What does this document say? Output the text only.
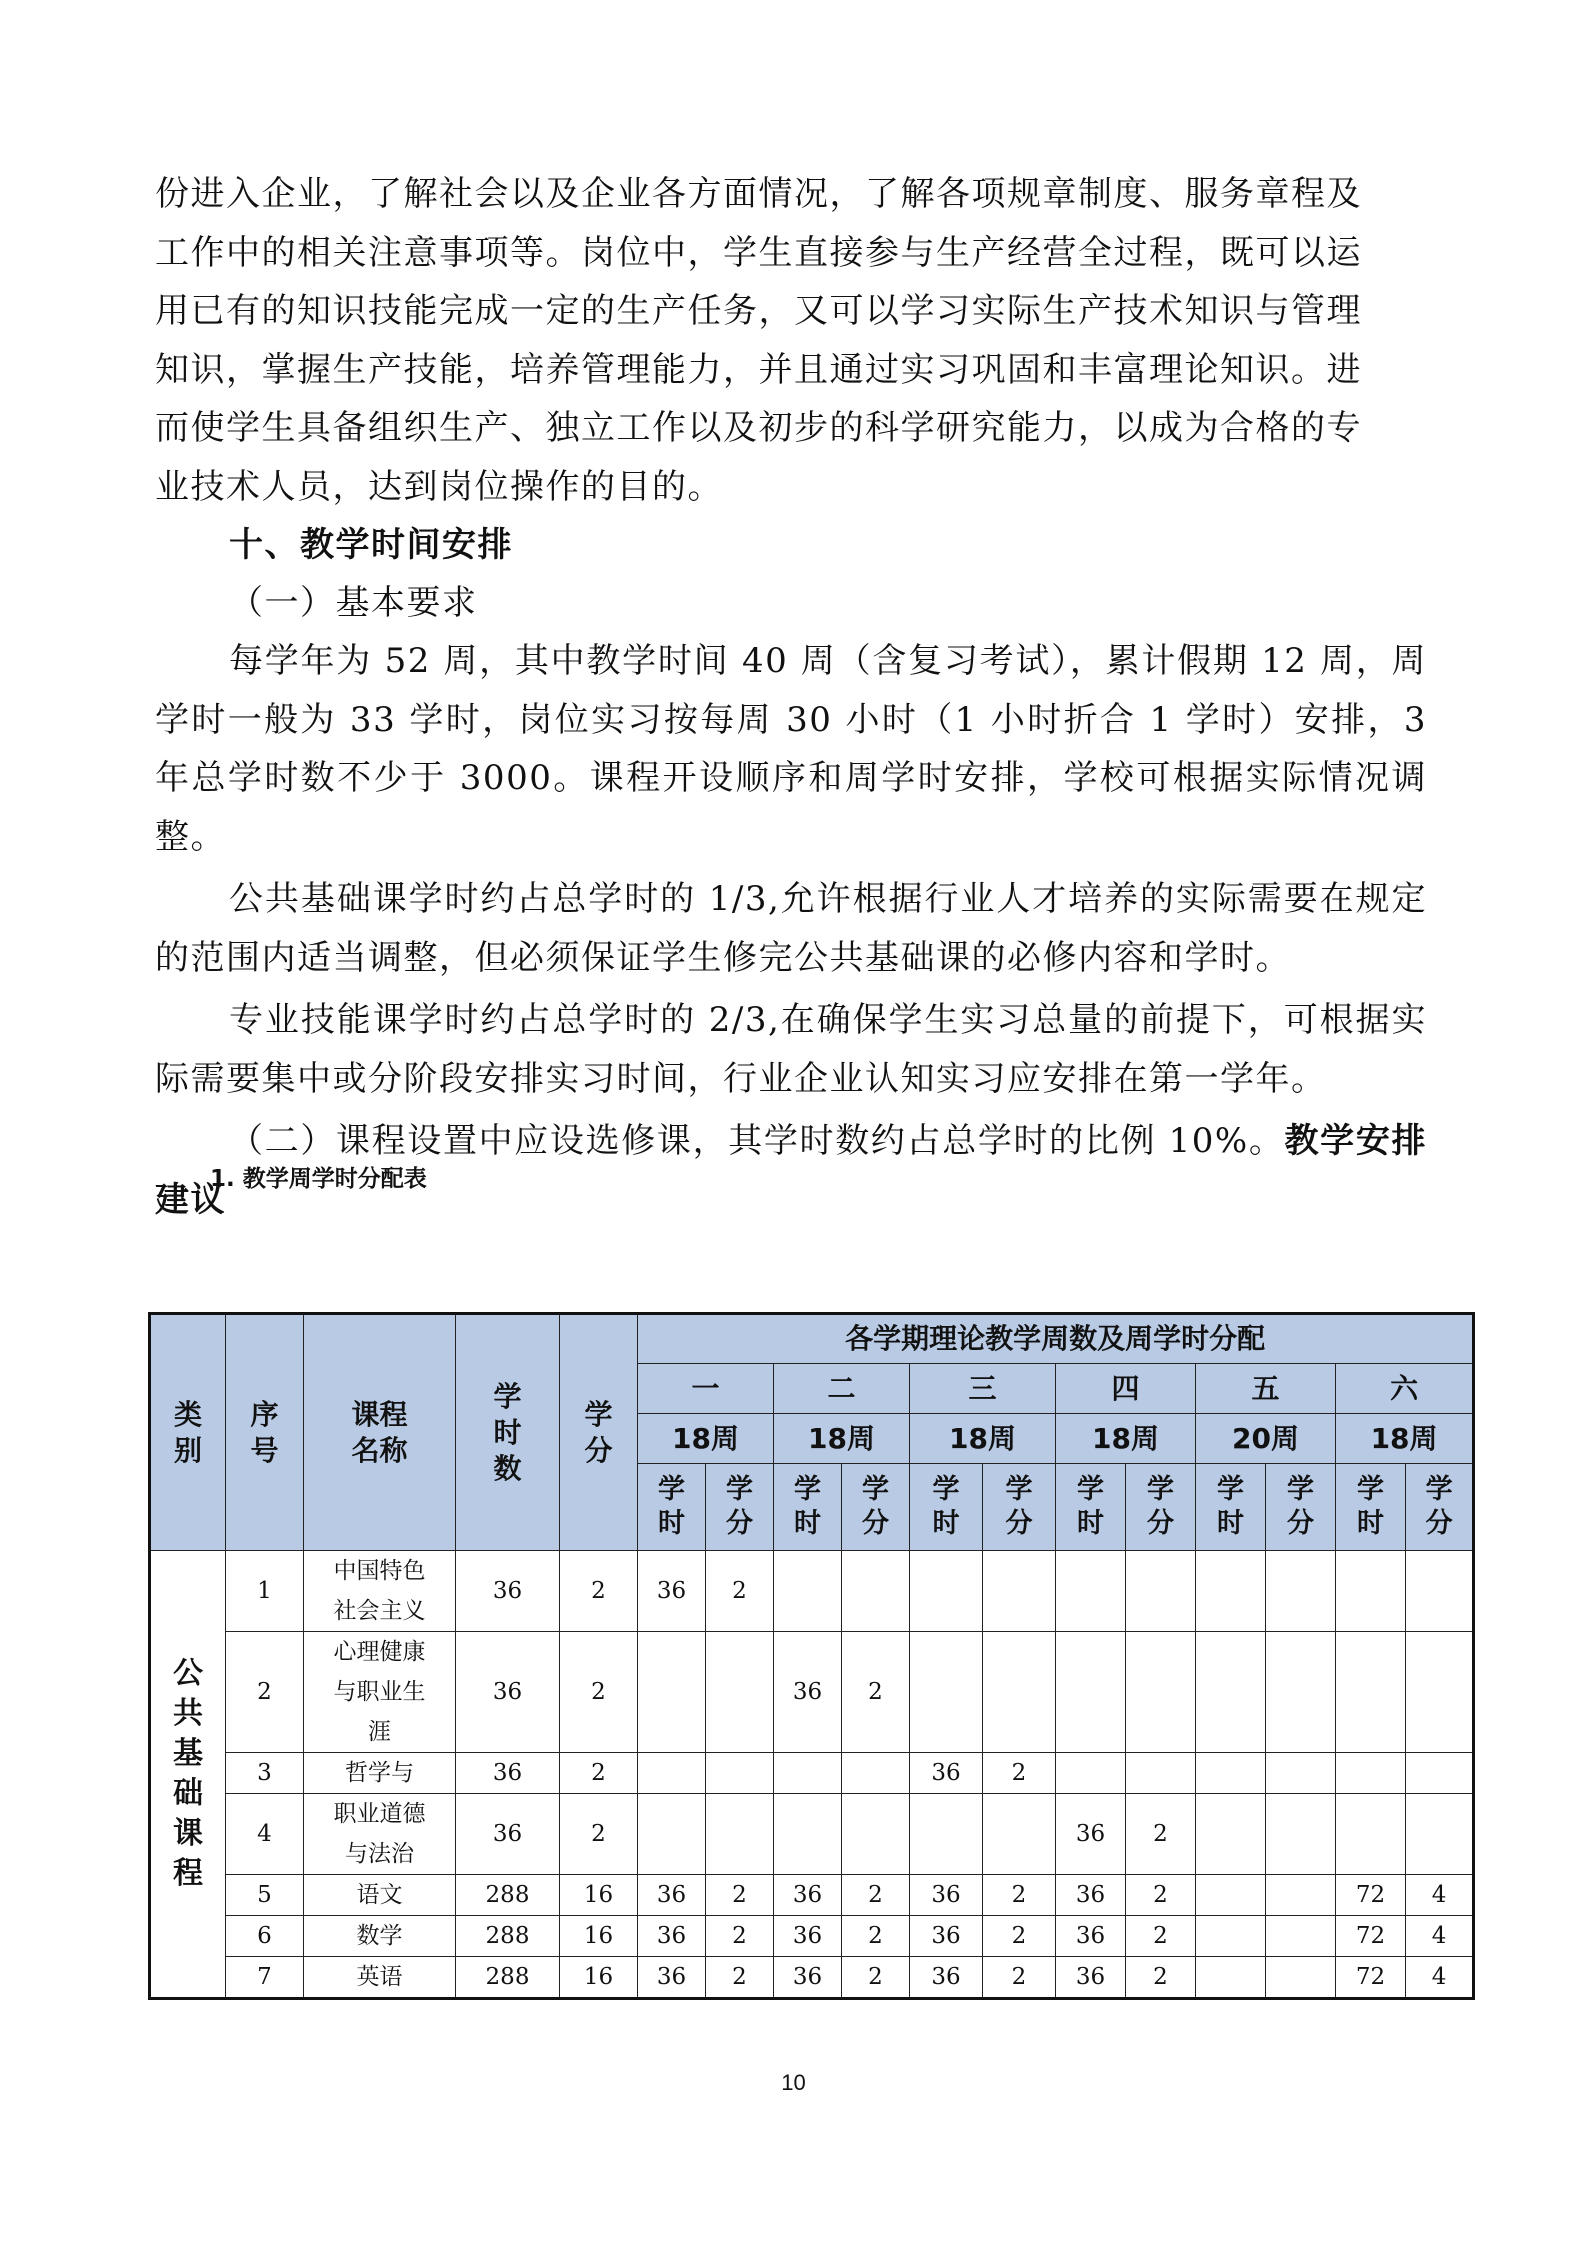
份进入企业，了解社会以及企业各方面情况，了解各项规章制度、服务章程及

工作中的相关注意事项等。岗位中，学生直接参与生产经营全过程，既可以运

用已有的知识技能完成一定的生产任务，又可以学习实际生产技术知识与管理

知识，掌握生产技能，培养管理能力，并且通过实习巩固和丰富理论知识。进

而使学生具备组织生产、独立工作以及初步的科学研究能力，以成为合格的专

业技术人员，达到岗位操作的目的。

十、教学时间安排

（一）基本要求

每学年为 52 周，其中教学时间 40 周（含复习考试），累计假期 12 周，周学时一般为 33 学时，岗位实习按每周 30 小时（1 小时折合 1 学时）安排，3 年总学时数不少于 3000。课程开设顺序和周学时安排，学校可根据实际情况调整。

公共基础课学时约占总学时的 1/3,允许根据行业人才培养的实际需要在规定的范围内适当调整，但必须保证学生修完公共基础课的必修内容和学时。

专业技能课学时约占总学时的 2/3,在确保学生实习总量的前提下，可根据实际需要集中或分阶段安排实习时间，行业企业认知实习应安排在第一学年。

（二）课程设置中应设选修课，其学时数约占总学时的比例 10%。教学安排建议

1. 教学周学时分配表

类别	序号	课程名称	学时数	学分	各学期理论教学周数及周学时分配											
					一		二		三		四		五		六	
					18周		18周		18周		18周		20周		18周	
					学时	学分	学时	学分	学时	学分	学时	学分	学时	学分	学时	学分
公共基础课程	1	中国特色社会主义	36	2	36	2										
	2	心理健康与职业生涯	36	2			36	2								
	3	哲学与	36	2					36	2						
	4	职业道德与法治	36	2							36	2				
	5	语文	288	16	36	2	36	2	36	2	36	2			72	4
	6	数学	288	16	36	2	36	2	36	2	36	2			72	4
	7	英语	288	16	36	2	36	2	36	2	36	2			72	4
10
